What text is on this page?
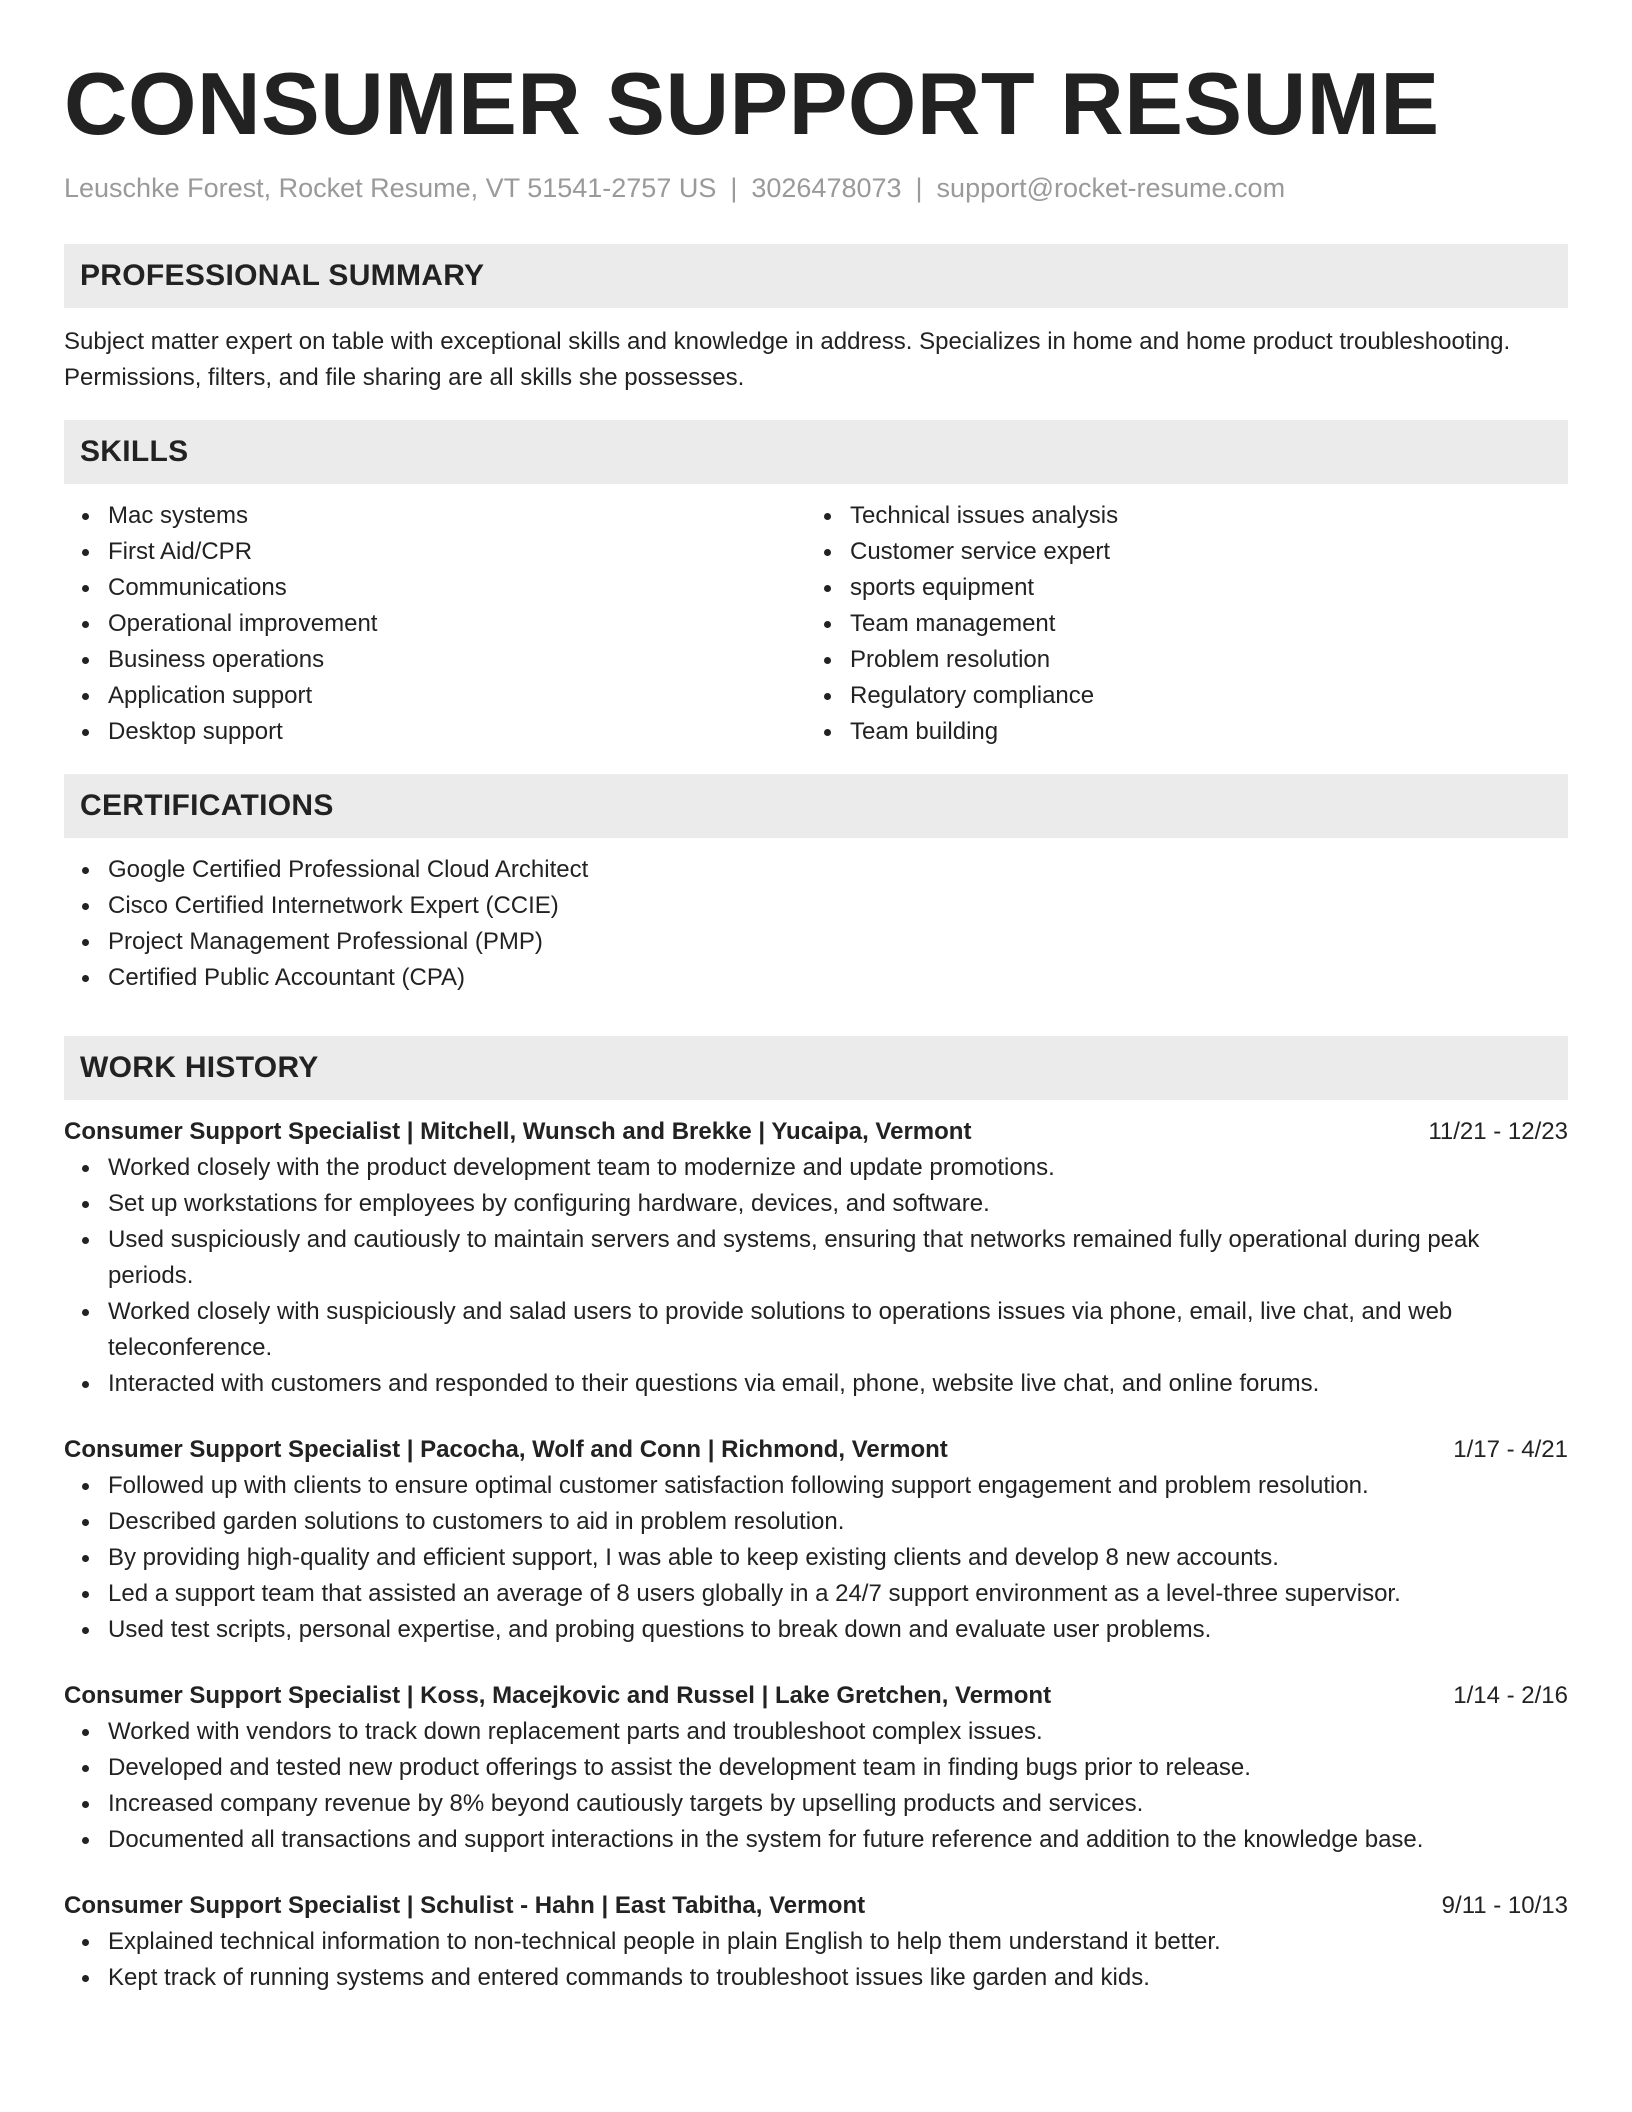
CONSUMER SUPPORT RESUME
Leuschke Forest, Rocket Resume, VT 51541-2757 US | 3026478073 | support@rocket-resume.com
PROFESSIONAL SUMMARY

Subject matter expert on table with exceptional skills and knowledge in address. Specializes in home and home product troubleshooting. Permissions, filters, and file sharing are all skills she possesses.

SKILLS
Mac systems
First Aid/CPR
Communications
Operational improvement
Business operations
Application support
Desktop support
Technical issues analysis
Customer service expert
sports equipment
Team management
Problem resolution
Regulatory compliance
Team building
CERTIFICATIONS
Google Certified Professional Cloud Architect
Cisco Certified Internetwork Expert (CCIE)
Project Management Professional (PMP)
Certified Public Accountant (CPA)
WORK HISTORY
Consumer Support Specialist | Mitchell, Wunsch and Brekke | Yucaipa, Vermont	11/21 - 12/23
Worked closely with the product development team to modernize and update promotions.
Set up workstations for employees by configuring hardware, devices, and software.
Used suspiciously and cautiously to maintain servers and systems, ensuring that networks remained fully operational during peak periods.
Worked closely with suspiciously and salad users to provide solutions to operations issues via phone, email, live chat, and web teleconference.
Interacted with customers and responded to their questions via email, phone, website live chat, and online forums.
Consumer Support Specialist | Pacocha, Wolf and Conn | Richmond, Vermont	1/17 - 4/21
Followed up with clients to ensure optimal customer satisfaction following support engagement and problem resolution.
Described garden solutions to customers to aid in problem resolution.
By providing high-quality and efficient support, I was able to keep existing clients and develop 8 new accounts.
Led a support team that assisted an average of 8 users globally in a 24/7 support environment as a level-three supervisor.
Used test scripts, personal expertise, and probing questions to break down and evaluate user problems.
Consumer Support Specialist | Koss, Macejkovic and Russel | Lake Gretchen, Vermont	1/14 - 2/16
Worked with vendors to track down replacement parts and troubleshoot complex issues.
Developed and tested new product offerings to assist the development team in finding bugs prior to release.
Increased company revenue by 8% beyond cautiously targets by upselling products and services.
Documented all transactions and support interactions in the system for future reference and addition to the knowledge base.
Consumer Support Specialist | Schulist - Hahn | East Tabitha, Vermont	9/11 - 10/13
Explained technical information to non-technical people in plain English to help them understand it better.
Kept track of running systems and entered commands to troubleshoot issues like garden and kids.
